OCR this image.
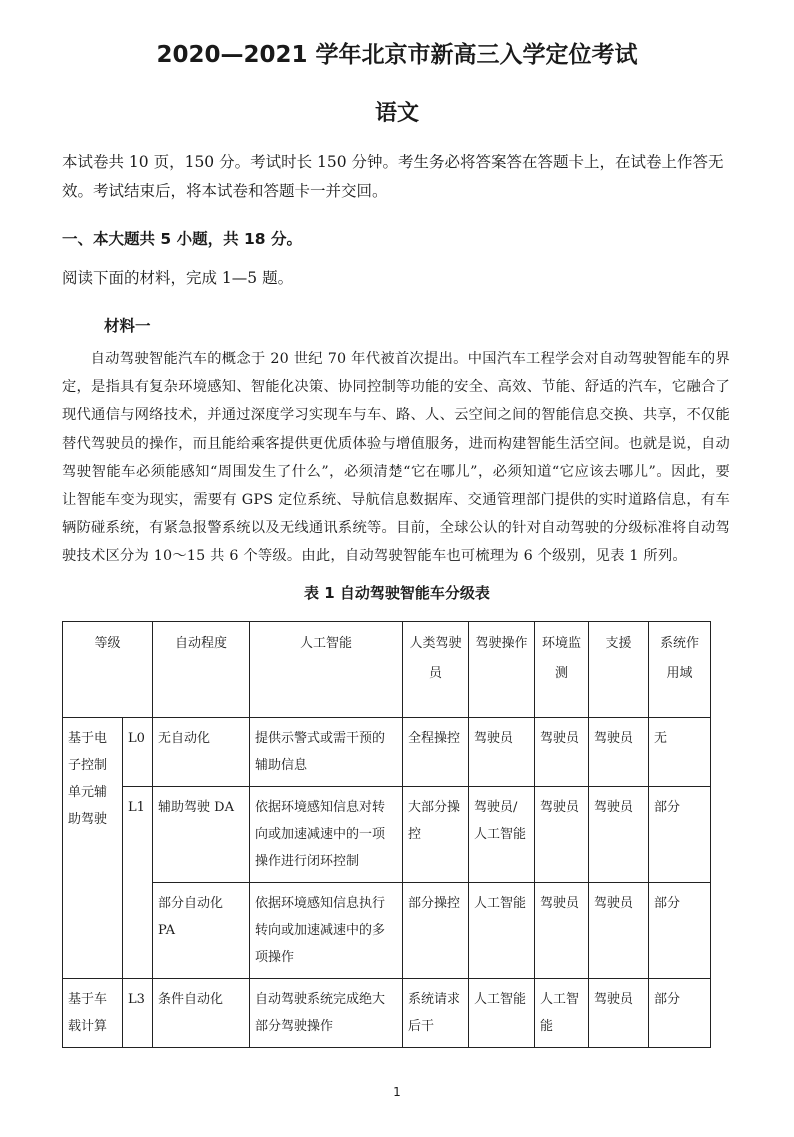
2020—2021 学年北京市新高三入学定位考试
语文
本试卷共 10 页，150 分。考试时长 150 分钟。考生务必将答案答在答题卡上，在试卷上作答无效。考试结束后，将本试卷和答题卡一并交回。
一、本大题共 5 小题，共 18 分。
阅读下面的材料，完成 1—5 题。
材料一
自动驾驶智能汽车的概念于 20 世纪 70 年代被首次提出。中国汽车工程学会对自动驾驶智能车的界定，是指具有复杂环境感知、智能化决策、协同控制等功能的安全、高效、节能、舒适的汽车，它融合了现代通信与网络技术，并通过深度学习实现车与车、路、人、云空间之间的智能信息交换、共享，不仅能替代驾驶员的操作，而且能给乘客提供更优质体验与增值服务，进而构建智能生活空间。也就是说，自动驾驶智能车必须能感知“周围发生了什么”，必须清楚“它在哪儿”，必须知道“它应该去哪儿”。因此，要让智能车变为现实，需要有 GPS 定位系统、导航信息数据库、交通管理部门提供的实时道路信息，有车辆防碰系统，有紧急报警系统以及无线通讯系统等。目前，全球公认的针对自动驾驶的分级标准将自动驾驶技术区分为 10～15 共 6 个等级。由此，自动驾驶智能车也可梳理为 6 个级别，见表 1 所列。
表 1 自动驾驶智能车分级表
等级		自动程度	人工智能	人类驾驶员	驾驶操作	环境监测	支援	系统作用域
基于电子控制单元辅助驾驶	L0	无自动化	提供示警式或需干预的辅助信息	全程操控	驾驶员	驾驶员	驾驶员	无
	L1	辅助驾驶 DA	依据环境感知信息对转向或加速减速中的一项操作进行闭环控制	大部分操控	驾驶员/人工智能	驾驶员	驾驶员	部分
		部分自动化 PA	依据环境感知信息执行转向或加速减速中的多项操作	部分操控	人工智能	驾驶员	驾驶员	部分
基于车载计算	L3	条件自动化	自动驾驶系统完成绝大部分驾驶操作	系统请求后干	人工智能	人工智能	驾驶员	部分
1
